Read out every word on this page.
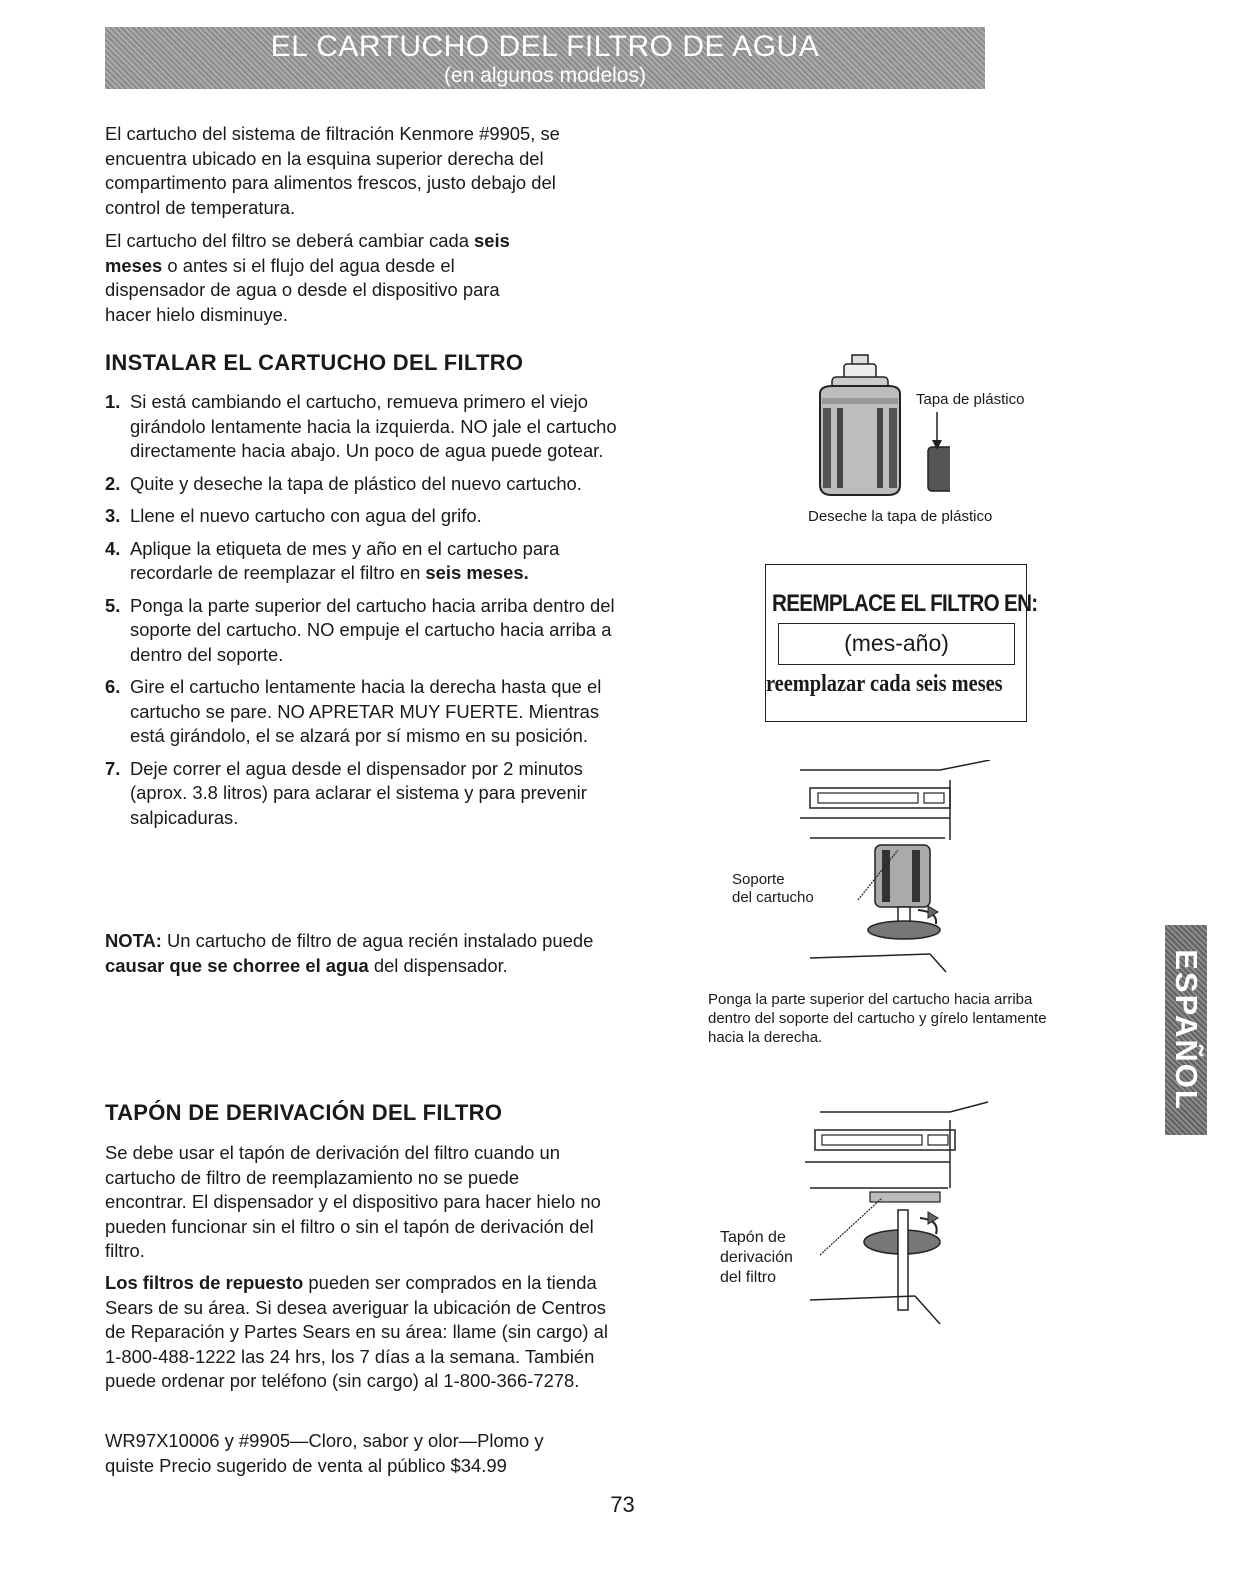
EL CARTUCHO DEL FILTRO DE AGUA
(en algunos modelos)

El cartucho del sistema de filtración Kenmore #9905, se encuentra ubicado en la esquina superior derecha del compartimento para alimentos frescos, justo debajo del control de temperatura.

El cartucho del filtro se deberá cambiar cada seis meses o antes si el flujo del agua desde el dispensador de agua o desde el dispositivo para hacer hielo disminuye.

INSTALAR EL CARTUCHO DEL FILTRO
1. Si está cambiando el cartucho, remueva primero el viejo girándolo lentamente hacia la izquierda. NO jale el cartucho directamente hacia abajo. Un poco de agua puede gotear.
2. Quite y deseche la tapa de plástico del nuevo cartucho.
3. Llene el nuevo cartucho con agua del grifo.
4. Aplique la etiqueta de mes y año en el cartucho para recordarle de reemplazar el filtro en seis meses.
5. Ponga la parte superior del cartucho hacia arriba dentro del soporte del cartucho. NO empuje el cartucho hacia arriba a dentro del soporte.
6. Gire el cartucho lentamente hacia la derecha hasta que el cartucho se pare. NO APRETAR MUY FUERTE. Mientras está girándolo, el se alzará por sí mismo en su posición.
7. Deje correr el agua desde el dispensador por 2 minutos (aprox. 3.8 litros) para aclarar el sistema y para prevenir salpicaduras.

NOTA: Un cartucho de filtro de agua recién instalado puede causar que se chorree el agua del dispensador.

Tapa de plástico

Deseche la tapa de plástico

REEMPLACE EL FILTRO EN:
(mes-año)
reemplazar cada seis meses

Soporte

del cartucho

Ponga la parte superior del cartucho hacia arriba dentro del soporte del cartucho y gírelo lentamente hacia la derecha.

TAPÓN DE DERIVACIÓN DEL FILTRO

Se debe usar el tapón de derivación del filtro cuando un cartucho de filtro de reemplazamiento no se puede encontrar. El dispensador y el dispositivo para hacer hielo no pueden funcionar sin el filtro o sin el tapón de derivación del filtro.

Los filtros de repuesto pueden ser comprados en la tienda Sears de su área. Si desea averiguar la ubicación de Centros de Reparación y Partes Sears en su área: llame (sin cargo) al 1-800-488-1222 las 24 hrs, los 7 días a la semana. También puede ordenar por teléfono (sin cargo) al 1-800-366-7278.

WR97X10006 y #9905—Cloro, sabor y olor—Plomo y quiste Precio sugerido de venta al público $34.99

Tapón de

derivación

del filtro

ESPAÑOL

73
